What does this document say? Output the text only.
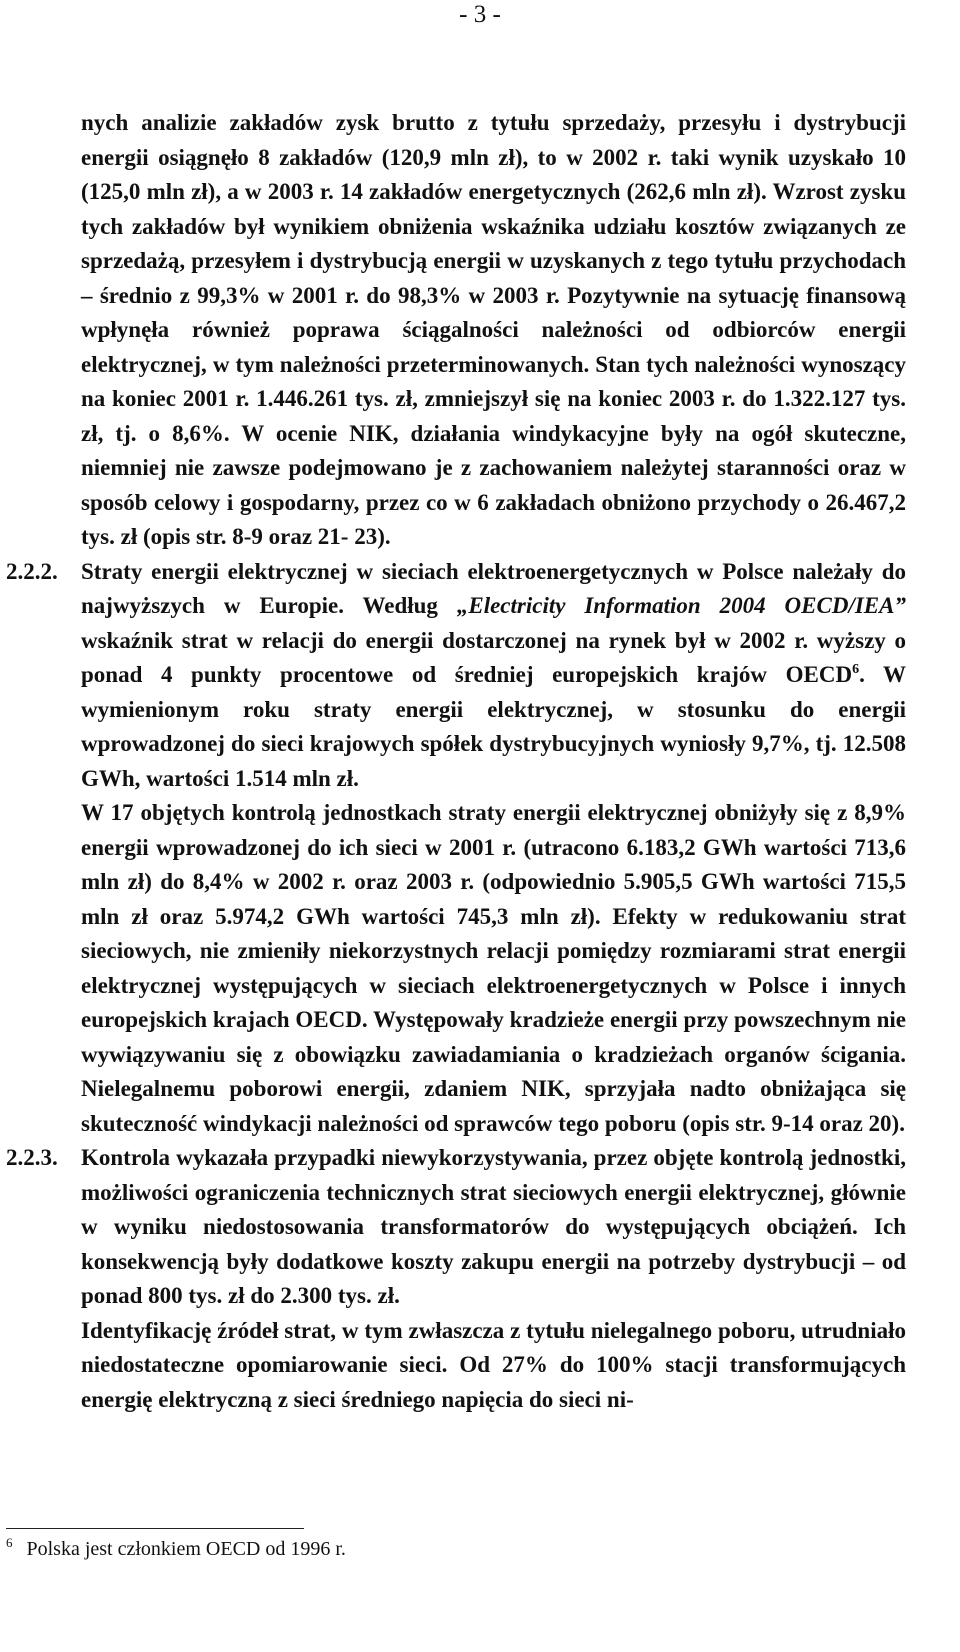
- 3 -

nych analizie zakładów zysk brutto z tytułu sprzedaży, przesyłu i dystrybucji energii osiągnęło 8 zakładów (120,9 mln zł), to w 2002 r. taki wynik uzyskało 10 (125,0 mln zł), a w 2003 r. 14 zakładów energetycznych (262,6 mln zł). Wzrost zysku tych zakładów był wynikiem obniżenia wskaźnika udziału kosztów związanych ze sprzedażą, przesyłem i dystrybucją energii w uzyskanych z tego tytułu przychodach – średnio z 99,3% w 2001 r. do 98,3% w 2003 r. Pozytywnie na sytuację finansową wpłynęła również poprawa ściągalności należności od odbiorców energii elektrycznej, w tym należności przeterminowanych. Stan tych należności wynoszący na koniec 2001 r. 1.446.261 tys. zł, zmniejszył się na koniec 2003 r. do 1.322.127 tys. zł, tj. o 8,6%. W ocenie NIK, działania windykacyjne były na ogół skuteczne, niemniej nie zawsze podejmowano je z zachowaniem należytej staranności oraz w sposób celowy i gospodarny, przez co w 6 zakładach obniżono przychody o 26.467,2 tys. zł (opis str. 8-9 oraz 21- 23).

2.2.2. Straty energii elektrycznej w sieciach elektroenergetycznych w Polsce należały do najwyższych w Europie. Według „Electricity Information 2004 OECD/IEA” wskaźnik strat w relacji do energii dostarczonej na rynek był w 2002 r. wyższy o ponad 4 punkty procentowe od średniej europejskich krajów OECD$^6$. W wymienionym roku straty energii elektrycznej, w stosunku do energii wprowadzonej do sieci krajowych spółek dystrybucyjnych wyniosły 9,7%, tj. 12.508 GWh, wartości 1.514 mln zł.

W 17 objętych kontrolą jednostkach straty energii elektrycznej obniżyły się z 8,9% energii wprowadzonej do ich sieci w 2001 r. (utracono 6.183,2 GWh wartości 713,6 mln zł) do 8,4% w 2002 r. oraz 2003 r. (odpowiednio 5.905,5 GWh wartości 715,5 mln zł oraz 5.974,2 GWh wartości 745,3 mln zł). Efekty w redukowaniu strat sieciowych, nie zmieniły niekorzystnych relacji pomiędzy rozmiarami strat energii elektrycznej występujących w sieciach elektroenergetycznych w Polsce i innych europejskich krajach OECD. Występowały kradzieże energii przy powszechnym nie wywiązywaniu się z obowiązku zawiadamiania o kradzieżach organów ścigania. Nielegalnemu poborowi energii, zdaniem NIK, sprzyjała nadto obniżająca się skuteczność windykacji należności od sprawców tego poboru (opis str. 9-14 oraz 20).

2.2.3. Kontrola wykazała przypadki niewykorzystywania, przez objęte kontrolą jednostki, możliwości ograniczenia technicznych strat sieciowych energii elektrycznej, głównie w wyniku niedostosowania transformatorów do występujących obciążeń. Ich konsekwencją były dodatkowe koszty zakupu energii na potrzeby dystrybucji – od ponad 800 tys. zł do 2.300 tys. zł.

Identyfikację źródeł strat, w tym zwłaszcza z tytułu nielegalnego poboru, utrudniało niedostateczne opomiarowanie sieci. Od 27% do 100% stacji transformujących energię elektryczną z sieci średniego napięcia do sieci ni-

$^6$ Polska jest członkiem OECD od 1996 r.
